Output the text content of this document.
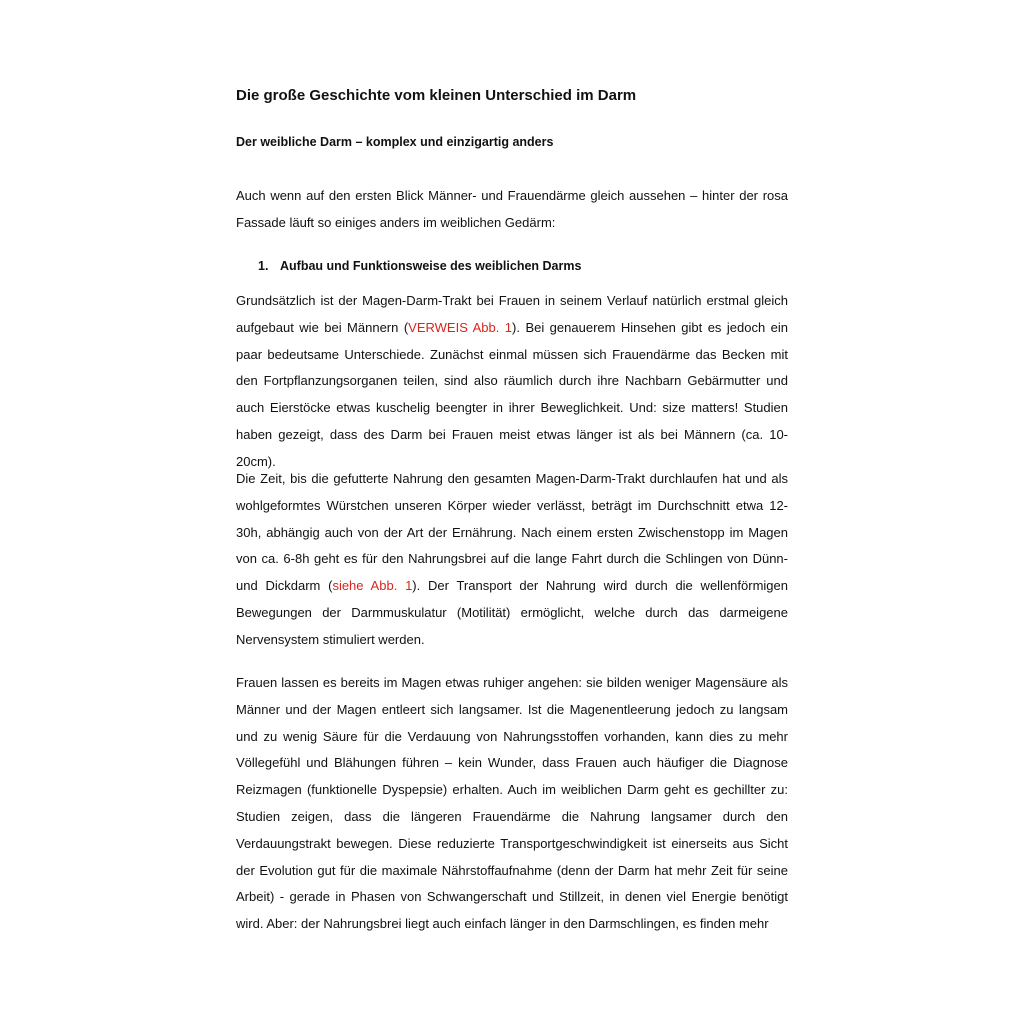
Die große Geschichte vom kleinen Unterschied im Darm
Der weibliche Darm – komplex und einzigartig anders

Auch wenn auf den ersten Blick Männer- und Frauendärme gleich aussehen – hinter der rosa Fassade läuft so einiges anders im weiblichen Gedärm:

1. Aufbau und Funktionsweise des weiblichen Darms

Grundsätzlich ist der Magen-Darm-Trakt bei Frauen in seinem Verlauf natürlich erstmal gleich aufgebaut wie bei Männern (VERWEIS Abb. 1). Bei genauerem Hinsehen gibt es jedoch ein paar bedeutsame Unterschiede. Zunächst einmal müssen sich Frauendärme das Becken mit den Fortpflanzungsorganen teilen, sind also räumlich durch ihre Nachbarn Gebärmutter und auch Eierstöcke etwas kuschelig beengter in ihrer Beweglichkeit. Und: size matters! Studien haben gezeigt, dass des Darm bei Frauen meist etwas länger ist als bei Männern (ca. 10-20cm).

Die Zeit, bis die gefutterte Nahrung den gesamten Magen-Darm-Trakt durchlaufen hat und als wohlgeformtes Würstchen unseren Körper wieder verlässt, beträgt im Durchschnitt etwa 12-30h, abhängig auch von der Art der Ernährung. Nach einem ersten Zwischenstopp im Magen von ca. 6-8h geht es für den Nahrungsbrei auf die lange Fahrt durch die Schlingen von Dünn- und Dickdarm (siehe Abb. 1). Der Transport der Nahrung wird durch die wellenförmigen Bewegungen der Darmmuskulatur (Motilität) ermöglicht, welche durch das darmeigene Nervensystem stimuliert werden.

Frauen lassen es bereits im Magen etwas ruhiger angehen: sie bilden weniger Magensäure als Männer und der Magen entleert sich langsamer. Ist die Magenentleerung jedoch zu langsam und zu wenig Säure für die Verdauung von Nahrungsstoffen vorhanden, kann dies zu mehr Völlegefühl und Blähungen führen – kein Wunder, dass Frauen auch häufiger die Diagnose Reizmagen (funktionelle Dyspepsie) erhalten. Auch im weiblichen Darm geht es gechillter zu: Studien zeigen, dass die längeren Frauendärme die Nahrung langsamer durch den Verdauungstrakt bewegen. Diese reduzierte Transportgeschwindigkeit ist einerseits aus Sicht der Evolution gut für die maximale Nährstoffaufnahme (denn der Darm hat mehr Zeit für seine Arbeit) - gerade in Phasen von Schwangerschaft und Stillzeit, in denen viel Energie benötigt wird. Aber: der Nahrungsbrei liegt auch einfach länger in den Darmschlingen, es finden mehr
